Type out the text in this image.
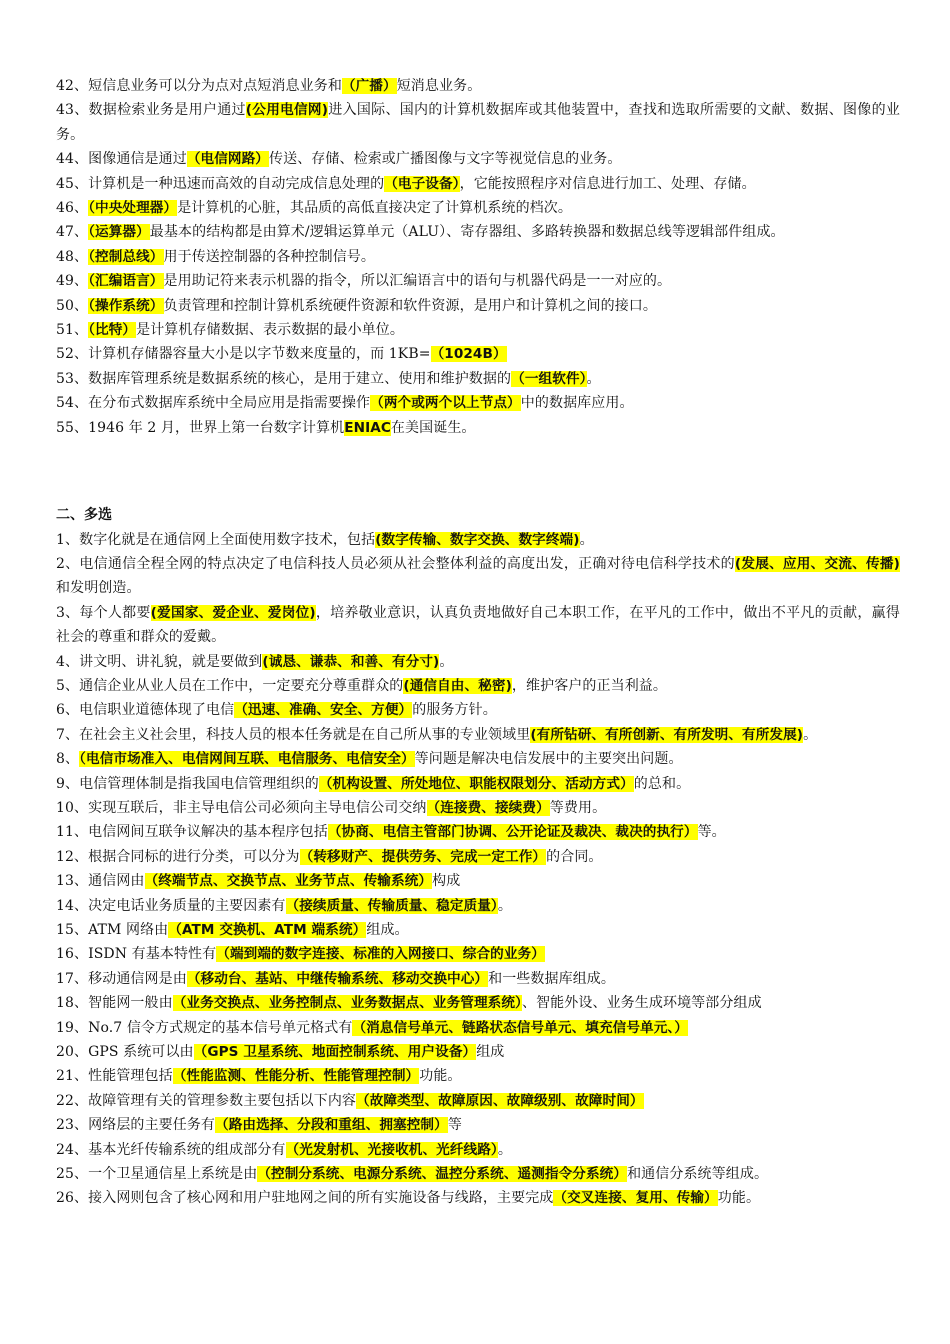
42、短信息业务可以分为点对点短消息业务和（广播）短消息业务。
43、数据检索业务是用户通过(公用电信网)进入国际、国内的计算机数据库或其他装置中，查找和选取所需要的文献、数据、图像的业务。
44、图像通信是通过（电信网路）传送、存储、检索或广播图像与文字等视觉信息的业务。
45、计算机是一种迅速而高效的自动完成信息处理的（电子设备），它能按照程序对信息进行加工、处理、存储。
46、（中央处理器）是计算机的心脏，其品质的高低直接决定了计算机系统的档次。
47、（运算器）最基本的结构都是由算术/逻辑运算单元（ALU）、寄存器组、多路转换器和数据总线等逻辑部件组成。
48、（控制总线）用于传送控制器的各种控制信号。
49、（汇编语言）是用助记符来表示机器的指令，所以汇编语言中的语句与机器代码是一一对应的。
50、（操作系统）负责管理和控制计算机系统硬件资源和软件资源，是用户和计算机之间的接口。
51、（比特）是计算机存储数据、表示数据的最小单位。
52、计算机存储器容量大小是以字节数来度量的，而 1KB=（1024B）
53、数据库管理系统是数据系统的核心，是用于建立、使用和维护数据的（一组软件）。
54、在分布式数据库系统中全局应用是指需要操作（两个或两个以上节点）中的数据库应用。
55、1946 年 2 月，世界上第一台数字计算机ENIAC在美国诞生。
二、多选
1、数字化就是在通信网上全面使用数字技术，包括(数字传输、数字交换、数字终端)。
2、电信通信全程全网的特点决定了电信科技人员必须从社会整体利益的高度出发，正确对待电信科学技术的(发展、应用、交流、传播)和发明创造。
3、每个人都要(爱国家、爱企业、爱岗位)，培养敬业意识，认真负责地做好自己本职工作，在平凡的工作中，做出不平凡的贡献，赢得社会的尊重和群众的爱戴。
4、讲文明、讲礼貌，就是要做到(诚恳、谦恭、和善、有分寸)。
5、通信企业从业人员在工作中，一定要充分尊重群众的(通信自由、秘密)，维护客户的正当利益。
6、电信职业道德体现了电信（迅速、准确、安全、方便）的服务方针。
7、在社会主义社会里，科技人员的根本任务就是在自己所从事的专业领域里(有所钻研、有所创新、有所发明、有所发展)。
8、（电信市场准入、电信网间互联、电信服务、电信安全）等问题是解决电信发展中的主要突出问题。
9、电信管理体制是指我国电信管理组织的（机构设置、所处地位、职能权限划分、活动方式）的总和。
10、实现互联后，非主导电信公司必须向主导电信公司交纳（连接费、接续费）等费用。
11、电信网间互联争议解决的基本程序包括（协商、电信主管部门协调、公开论证及裁决、裁决的执行）等。
12、根据合同标的进行分类，可以分为（转移财产、提供劳务、完成一定工作）的合同。
13、通信网由（终端节点、交换节点、业务节点、传输系统）构成
14、决定电话业务质量的主要因素有（接续质量、传输质量、稳定质量）。
15、ATM 网络由（ATM 交换机、ATM 端系统）组成。
16、ISDN 有基本特性有（端到端的数字连接、标准的入网接口、综合的业务）
17、移动通信网是由（移动台、基站、中继传输系统、移动交换中心）和一些数据库组成。
18、智能网一般由（业务交换点、业务控制点、业务数据点、业务管理系统）、智能外设、业务生成环境等部分组成
19、No.7 信令方式规定的基本信号单元格式有（消息信号单元、链路状态信号单元、填充信号单元、）
20、GPS 系统可以由（GPS 卫星系统、地面控制系统、用户设备）组成
21、性能管理包括（性能监测、性能分析、性能管理控制）功能。
22、故障管理有关的管理参数主要包括以下内容（故障类型、故障原因、故障级别、故障时间）
23、网络层的主要任务有（路由选择、分段和重组、拥塞控制）等
24、基本光纤传输系统的组成部分有（光发射机、光接收机、光纤线路）。
25、一个卫星通信星上系统是由（控制分系统、电源分系统、温控分系统、遥测指令分系统）和通信分系统等组成。
26、接入网则包含了核心网和用户驻地网之间的所有实施设备与线路，主要完成（交叉连接、复用、传输）功能。
